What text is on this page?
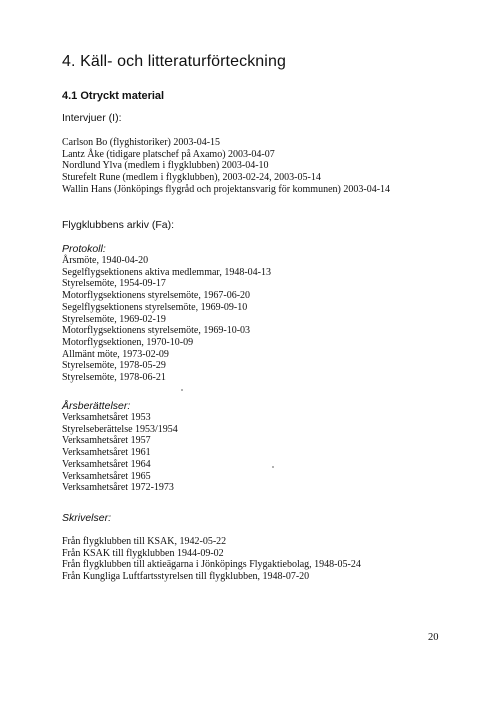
4. Käll- och litteraturförteckning
4.1 Otryckt material

Intervjuer (I):

Carlson Bo (flyghistoriker) 2003-04-15
Lantz Åke (tidigare platschef på Axamo) 2003-04-07
Nordlund Ylva (medlem i flygklubben) 2003-04-10
Sturefelt Rune (medlem i flygklubben), 2003-02-24, 2003-05-14
Wallin Hans (Jönköpings flygråd och projektansvarig för kommunen) 2003-04-14

Flygklubbens arkiv (Fa):

Protokoll:

Årsmöte, 1940-04-20
Segelflygsektionens aktiva medlemmar, 1948-04-13
Styrelsemöte, 1954-09-17
Motorflygsektionens styrelsemöte, 1967-06-20
Segelflygsektionens styrelsemöte, 1969-09-10
Styrelsemöte, 1969-02-19
Motorflygsektionens styrelsemöte, 1969-10-03
Motorflygsektionen, 1970-10-09
Allmänt möte, 1973-02-09
Styrelsemöte, 1978-05-29
Styrelsemöte, 1978-06-21

Årsberättelser:

Verksamhetsåret 1953
Styrelseberättelse 1953/1954
Verksamhetsåret 1957
Verksamhetsåret 1961
Verksamhetsåret 1964
Verksamhetsåret 1965
Verksamhetsåret 1972-1973

Skrivelser:

Från flygklubben till KSAK, 1942-05-22
Från KSAK till flygklubben 1944-09-02
Från flygklubben till aktieägarna i Jönköpings Flygaktiebolag, 1948-05-24
Från Kungliga Luftfartsstyrelsen till flygklubben, 1948-07-20

20
